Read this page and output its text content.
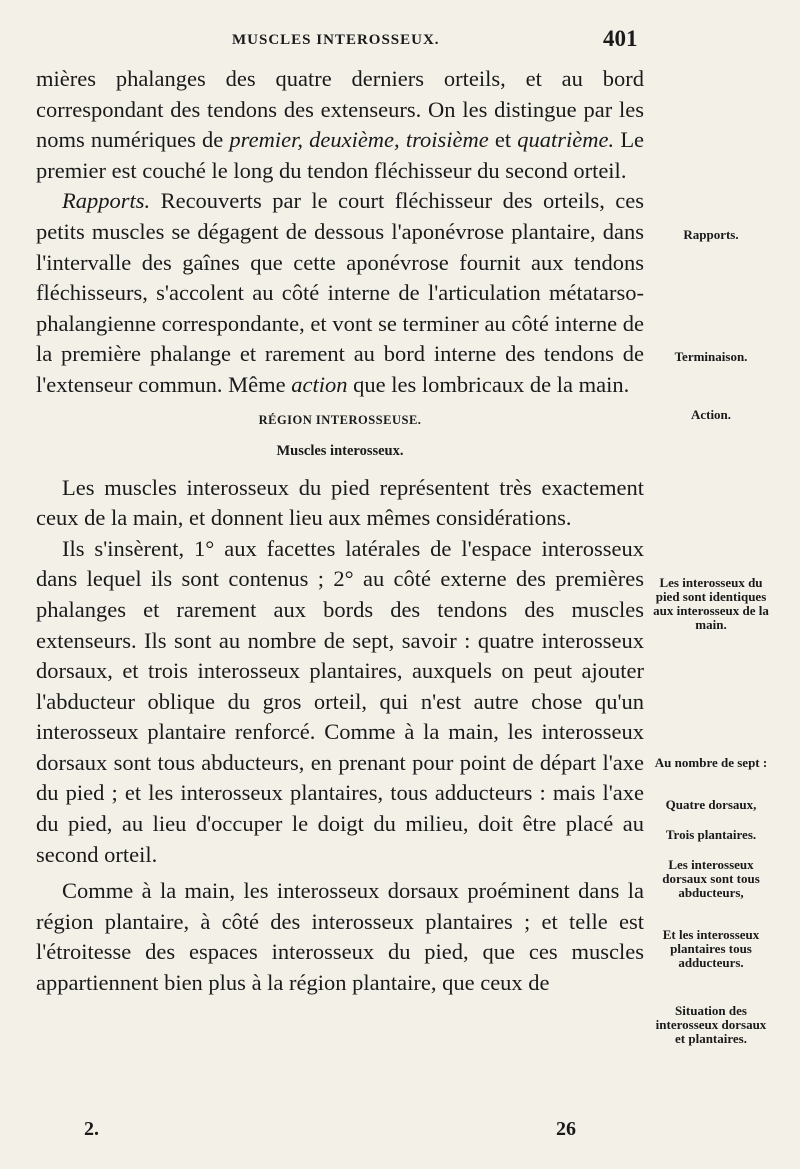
MUSCLES INTEROSSEUX.	401

mières phalanges des quatre derniers orteils, et au bord correspondant des tendons des extenseurs. On les distingue par les noms numériques de premier, deuxième, troisième et quatrième. Le premier est couché le long du tendon fléchisseur du second orteil.

Rapports. Recouverts par le court fléchisseur des orteils, ces petits muscles se dégagent de dessous l'aponévrose plantaire, dans l'intervalle des gaînes que cette aponévrose fournit aux tendons fléchisseurs, s'accolent au côté interne de l'articulation métatarso-phalangienne correspondante, et vont se terminer au côté interne de la première phalange et rarement au bord interne des tendons de l'extenseur commun. Même action que les lombricaux de la main.

RÉGION INTEROSSEUSE.
Muscles interosseux.

Les muscles interosseux du pied représentent très exactement ceux de la main, et donnent lieu aux mêmes considérations.

Ils s'insèrent, 1° aux facettes latérales de l'espace interosseux dans lequel ils sont contenus ; 2° au côté externe des premières phalanges et rarement aux bords des tendons des muscles extenseurs. Ils sont au nombre de sept, savoir : quatre interosseux dorsaux, et trois interosseux plantaires, auxquels on peut ajouter l'abducteur oblique du gros orteil, qui n'est autre chose qu'un interosseux plantaire renforcé. Comme à la main, les interosseux dorsaux sont tous abducteurs, en prenant pour point de départ l'axe du pied ; et les interosseux plantaires, tous adducteurs : mais l'axe du pied, au lieu d'occuper le doigt du milieu, doit être placé au second orteil.

Comme à la main, les interosseux dorsaux proéminent dans la région plantaire, à côté des interosseux plantaires ; et telle est l'étroitesse des espaces interosseux du pied, que ces muscles appartiennent bien plus à la région plantaire, que ceux de

Rapports.
Terminaison.
Action.
Les interosseux du pied sont identiques aux interosseux de la main.
Au nombre de sept :
Quatre dorsaux,
Trois plantaires.
Les interosseux dorsaux sont tous abducteurs,
Et les interosseux plantaires tous adducteurs.
Situation des interosseux dorsaux et plantaires.
2.	26
